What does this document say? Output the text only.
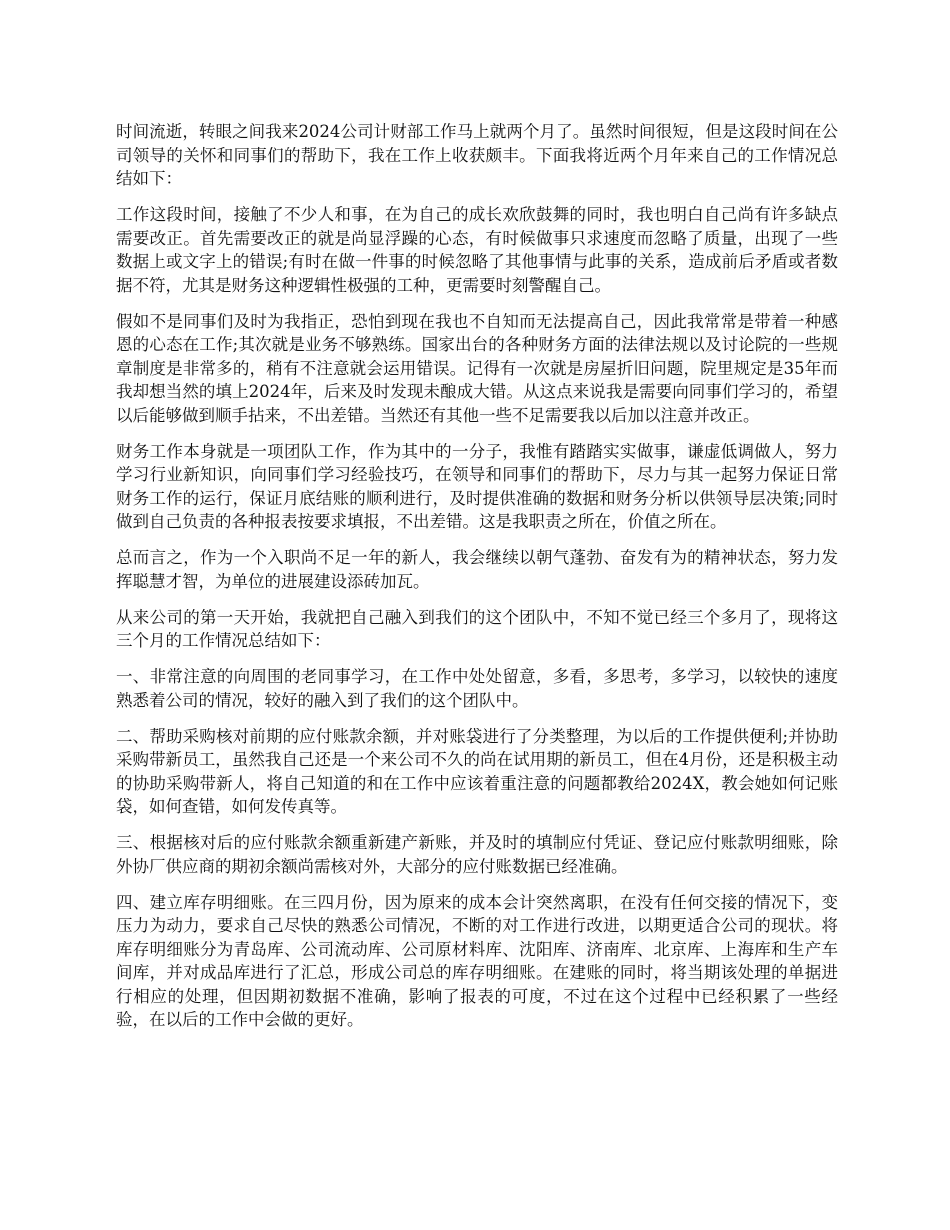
时间流逝，转眼之间我来2024公司计财部工作马上就两个月了。虽然时间很短，但是这段时间在公司领导的关怀和同事们的帮助下，我在工作上收获颇丰。下面我将近两个月年来自己的工作情况总结如下：

工作这段时间，接触了不少人和事，在为自己的成长欢欣鼓舞的同时，我也明白自己尚有许多缺点需要改正。首先需要改正的就是尚显浮躁的心态，有时候做事只求速度而忽略了质量，出现了一些数据上或文字上的错误;有时在做一件事的时候忽略了其他事情与此事的关系，造成前后矛盾或者数据不符，尤其是财务这种逻辑性极强的工种，更需要时刻警醒自己。

假如不是同事们及时为我指正，恐怕到现在我也不自知而无法提高自己，因此我常常是带着一种感恩的心态在工作;其次就是业务不够熟练。国家出台的各种财务方面的法律法规以及讨论院的一些规章制度是非常多的，稍有不注意就会运用错误。记得有一次就是房屋折旧问题，院里规定是35年而我却想当然的填上2024年，后来及时发现未酿成大错。从这点来说我是需要向同事们学习的，希望以后能够做到顺手拈来，不出差错。当然还有其他一些不足需要我以后加以注意并改正。

财务工作本身就是一项团队工作，作为其中的一分子，我惟有踏踏实实做事，谦虚低调做人，努力学习行业新知识，向同事们学习经验技巧，在领导和同事们的帮助下，尽力与其一起努力保证日常财务工作的运行，保证月底结账的顺利进行，及时提供准确的数据和财务分析以供领导层决策;同时做到自己负责的各种报表按要求填报，不出差错。这是我职责之所在，价值之所在。

总而言之，作为一个入职尚不足一年的新人，我会继续以朝气蓬勃、奋发有为的精神状态，努力发挥聪慧才智，为单位的进展建设添砖加瓦。

从来公司的第一天开始，我就把自己融入到我们的这个团队中，不知不觉已经三个多月了，现将这三个月的工作情况总结如下：

一、非常注意的向周围的老同事学习，在工作中处处留意，多看，多思考，多学习，以较快的速度熟悉着公司的情况，较好的融入到了我们的这个团队中。

二、帮助采购核对前期的应付账款余额，并对账袋进行了分类整理，为以后的工作提供便利;并协助采购带新员工，虽然我自己还是一个来公司不久的尚在试用期的新员工，但在4月份，还是积极主动的协助采购带新人，将自己知道的和在工作中应该着重注意的问题都教给2024X，教会她如何记账袋，如何查错，如何发传真等。

三、根据核对后的应付账款余额重新建产新账，并及时的填制应付凭证、登记应付账款明细账，除外协厂供应商的期初余额尚需核对外，大部分的应付账数据已经准确。

四、建立库存明细账。在三四月份，因为原来的成本会计突然离职，在没有任何交接的情况下，变压力为动力，要求自己尽快的熟悉公司情况，不断的对工作进行改进，以期更适合公司的现状。将库存明细账分为青岛库、公司流动库、公司原材料库、沈阳库、济南库、北京库、上海库和生产车间库，并对成品库进行了汇总，形成公司总的库存明细账。在建账的同时，将当期该处理的单据进行相应的处理，但因期初数据不准确，影响了报表的可度，不过在这个过程中已经积累了一些经验，在以后的工作中会做的更好。
